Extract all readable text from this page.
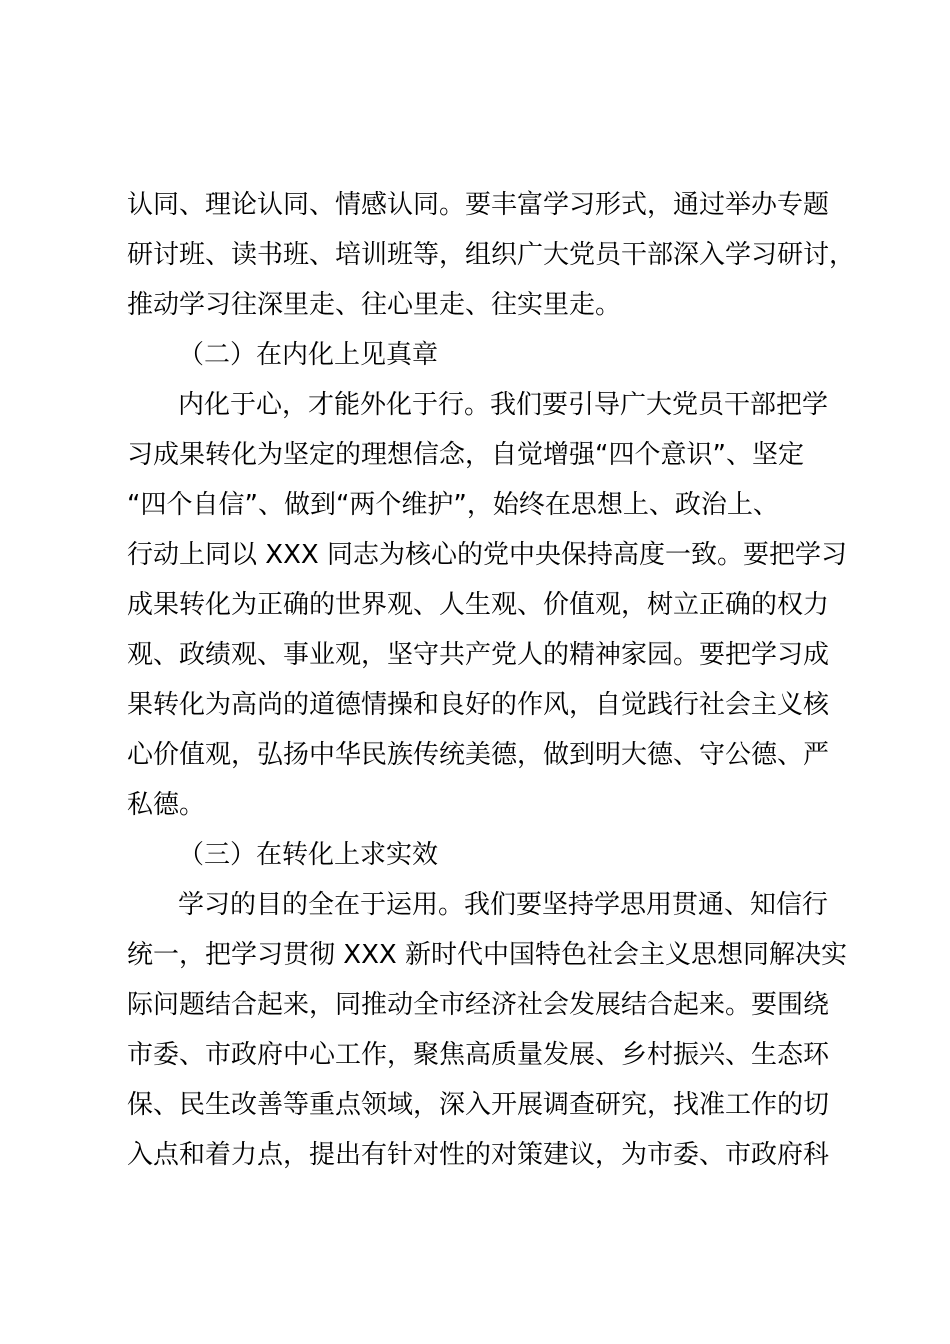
认同、理论认同、情感认同。要丰富学习形式，通过举办专题
研讨班、读书班、培训班等，组织广大党员干部深入学习研讨，
推动学习往深里走、往心里走、往实里走。
（二）在内化上见真章
内化于心，才能外化于行。我们要引导广大党员干部把学
习成果转化为坚定的理想信念，自觉增强“四个意识”、坚定
“四个自信”、做到“两个维护”，始终在思想上、政治上、
行动上同以 XXX 同志为核心的党中央保持高度一致。要把学习
成果转化为正确的世界观、人生观、价值观，树立正确的权力
观、政绩观、事业观，坚守共产党人的精神家园。要把学习成
果转化为高尚的道德情操和良好的作风，自觉践行社会主义核
心价值观，弘扬中华民族传统美德，做到明大德、守公德、严
私德。
（三）在转化上求实效
学习的目的全在于运用。我们要坚持学思用贯通、知信行
统一，把学习贯彻 XXX 新时代中国特色社会主义思想同解决实
际问题结合起来，同推动全市经济社会发展结合起来。要围绕
市委、市政府中心工作，聚焦高质量发展、乡村振兴、生态环
保、民生改善等重点领域，深入开展调查研究，找准工作的切
入点和着力点，提出有针对性的对策建议，为市委、市政府科
